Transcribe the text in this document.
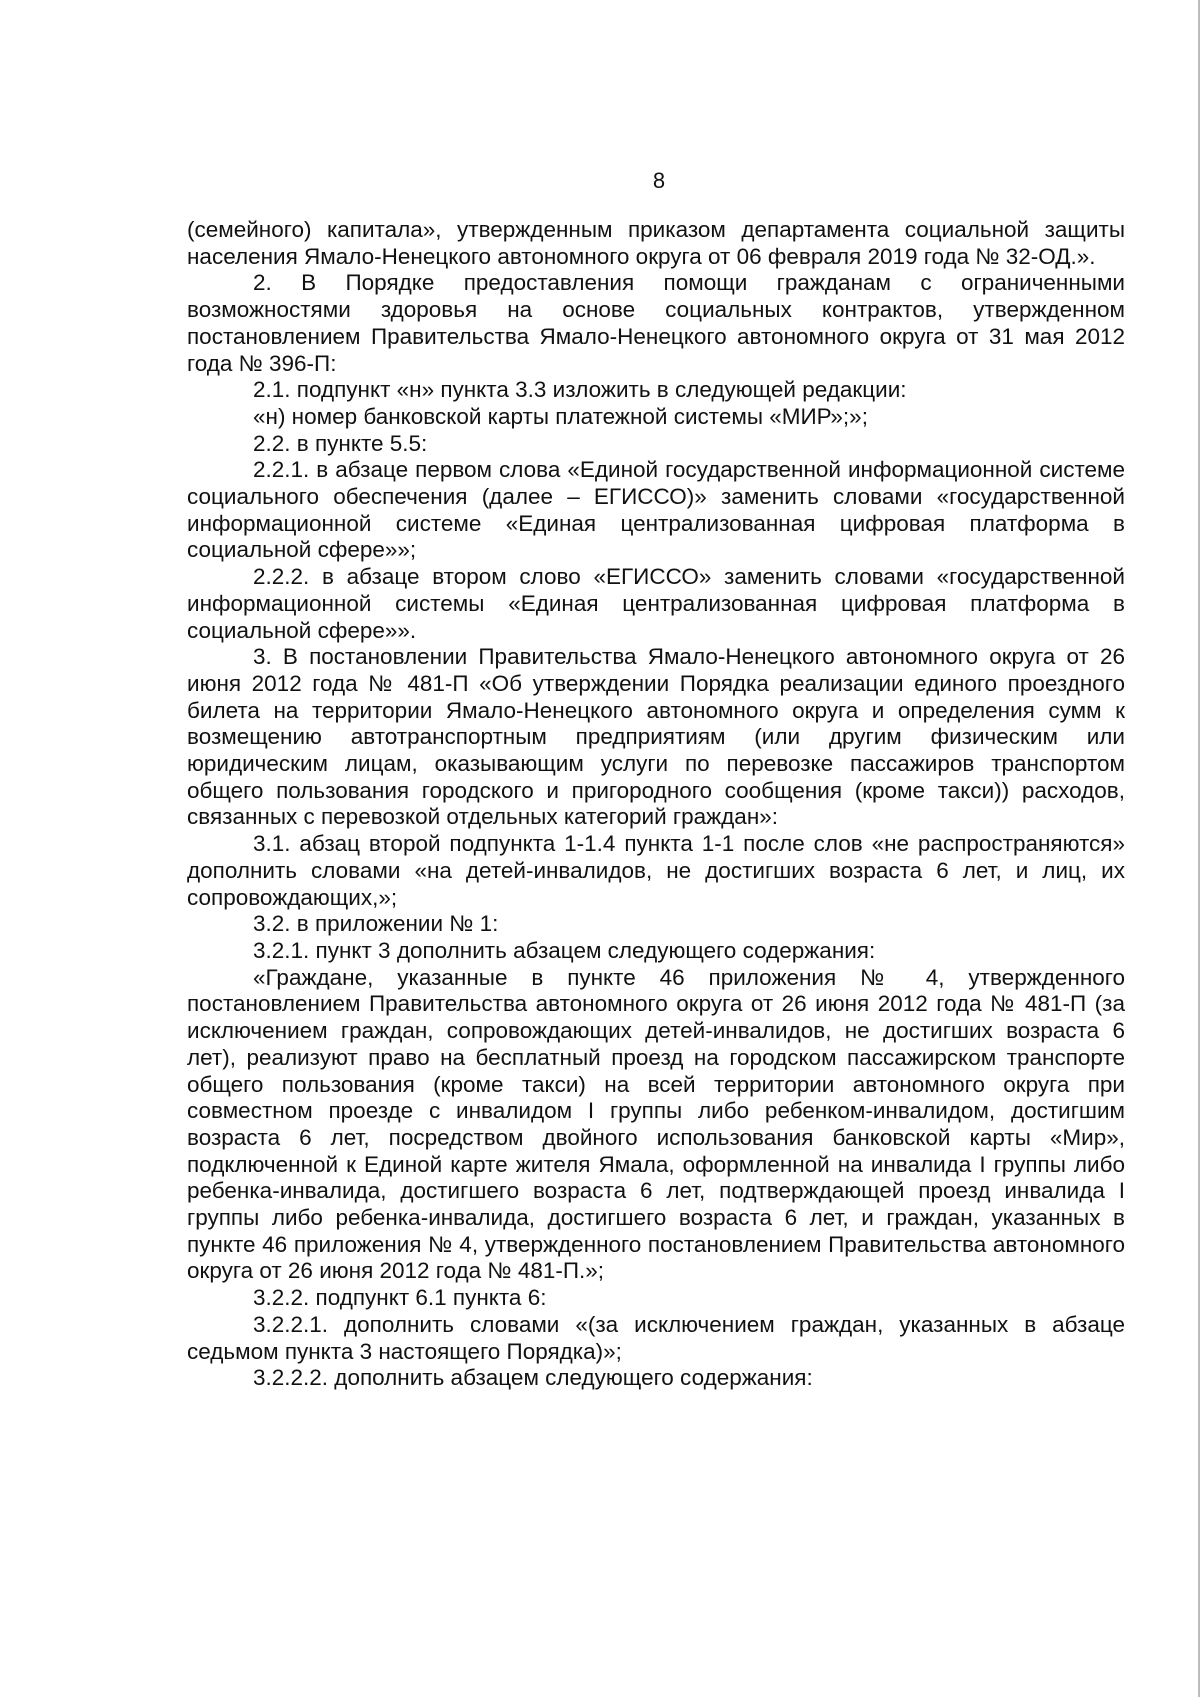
8

(семейного) капитала», утвержденным приказом департамента социальной защиты населения Ямало-Ненецкого автономного округа от 06 февраля 2019 года № 32-ОД.».

2. В Порядке предоставления помощи гражданам с ограниченными возможностями здоровья на основе социальных контрактов, утвержденном постановлением Правительства Ямало-Ненецкого автономного округа от 31 мая 2012 года № 396-П:

2.1. подпункт «н» пункта 3.3 изложить в следующей редакции:

«н) номер банковской карты платежной системы «МИР»;»;

2.2. в пункте 5.5:

2.2.1. в абзаце первом слова «Единой государственной информационной системе социального обеспечения (далее – ЕГИССО)» заменить словами «государственной информационной системе «Единая централизованная цифровая платформа в социальной сфере»»;

2.2.2. в абзаце втором слово «ЕГИССО» заменить словами «государственной информационной системы «Единая централизованная цифровая платформа в социальной сфере»».

3. В постановлении Правительства Ямало-Ненецкого автономного округа от 26 июня 2012 года № 481-П «Об утверждении Порядка реализации единого проездного билета на территории Ямало-Ненецкого автономного округа и определения сумм к возмещению автотранспортным предприятиям (или другим физическим или юридическим лицам, оказывающим услуги по перевозке пассажиров транспортом общего пользования городского и пригородного сообщения (кроме такси)) расходов, связанных с перевозкой отдельных категорий граждан»:

3.1. абзац второй подпункта 1-1.4 пункта 1-1 после слов «не распространяются» дополнить словами «на детей-инвалидов, не достигших возраста 6 лет, и лиц, их сопровождающих,»;

3.2. в приложении № 1:

3.2.1. пункт 3 дополнить абзацем следующего содержания:

«Граждане, указанные в пункте 46 приложения № 4, утвержденного постановлением Правительства автономного округа от 26 июня 2012 года № 481-П (за исключением граждан, сопровождающих детей-инвалидов, не достигших возраста 6 лет), реализуют право на бесплатный проезд на городском пассажирском транспорте общего пользования (кроме такси) на всей территории автономного округа при совместном проезде с инвалидом I группы либо ребенком-инвалидом, достигшим возраста 6 лет, посредством двойного использования банковской карты «Мир», подключенной к Единой карте жителя Ямала, оформленной на инвалида I группы либо ребенка-инвалида, достигшего возраста 6 лет, подтверждающей проезд инвалида I группы либо ребенка-инвалида, достигшего возраста 6 лет, и граждан, указанных в пункте 46 приложения № 4, утвержденного постановлением Правительства автономного округа от 26 июня 2012 года № 481-П.»;

3.2.2. подпункт 6.1 пункта 6:

3.2.2.1. дополнить словами «(за исключением граждан, указанных в абзаце седьмом пункта 3 настоящего Порядка)»;

3.2.2.2. дополнить абзацем следующего содержания:
